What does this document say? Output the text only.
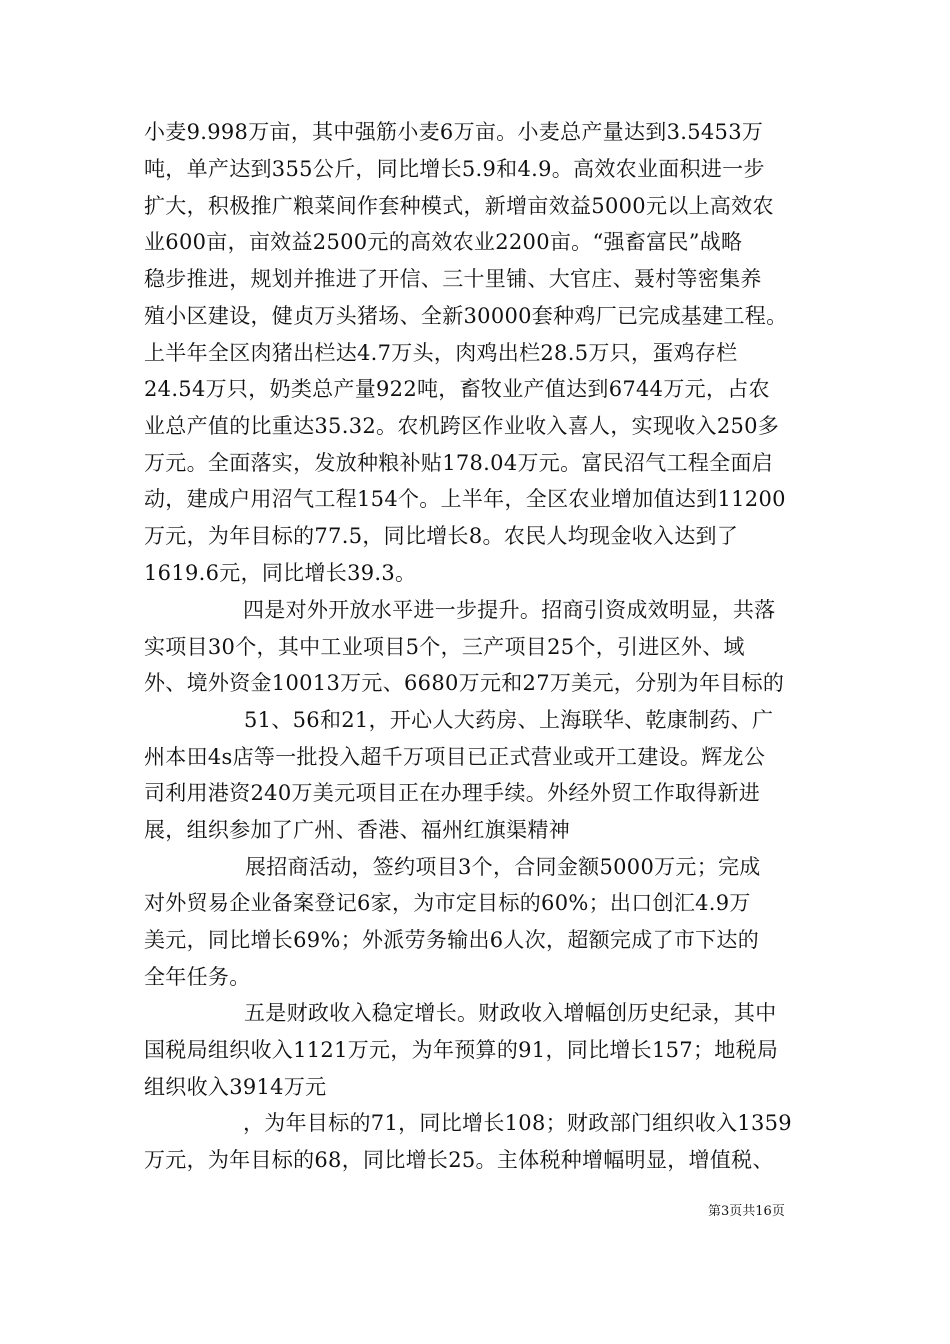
小麦9.998万亩，其中强筋小麦6万亩。小麦总产量达到3.5453万
吨，单产达到355公斤，同比增长5.9和4.9。高效农业面积进一步
扩大，积极推广粮菜间作套种模式，新增亩效益5000元以上高效农
业600亩，亩效益2500元的高效农业2200亩。“强畜富民”战略
稳步推进，规划并推进了开信、三十里铺、大官庄、聂村等密集养
殖小区建设，健贞万头猪场、全新30000套种鸡厂已完成基建工程。
上半年全区肉猪出栏达4.7万头，肉鸡出栏28.5万只，蛋鸡存栏
24.54万只，奶类总产量922吨，畜牧业产值达到6744万元，占农
业总产值的比重达35.32。农机跨区作业收入喜人，实现收入250多
万元。全面落实，发放种粮补贴178.04万元。富民沼气工程全面启
动，建成户用沼气工程154个。上半年，全区农业增加值达到11200
万元，为年目标的77.5，同比增长8。农民人均现金收入达到了
1619.6元，同比增长39.3。
四是对外开放水平进一步提升。招商引资成效明显，共落
实项目30个，其中工业项目5个，三产项目25个，引进区外、域
外、境外资金10013万元、6680万元和27万美元，分别为年目标的
51、56和21，开心人大药房、上海联华、乾康制药、广
州本田4s店等一批投入超千万项目已正式营业或开工建设。辉龙公
司利用港资240万美元项目正在办理手续。外经外贸工作取得新进
展，组织参加了广州、香港、福州红旗渠精神
展招商活动，签约项目3个，合同金额5000万元；完成
对外贸易企业备案登记6家，为市定目标的60%；出口创汇4.9万
美元，同比增长69%；外派劳务输出6人次，超额完成了市下达的
全年任务。
五是财政收入稳定增长。财政收入增幅创历史纪录，其中
国税局组织收入1121万元，为年预算的91，同比增长157；地税局
组织收入3914万元
，为年目标的71，同比增长108；财政部门组织收入1359
万元，为年目标的68，同比增长25。主体税种增幅明显，增值税、
第3页共16页
